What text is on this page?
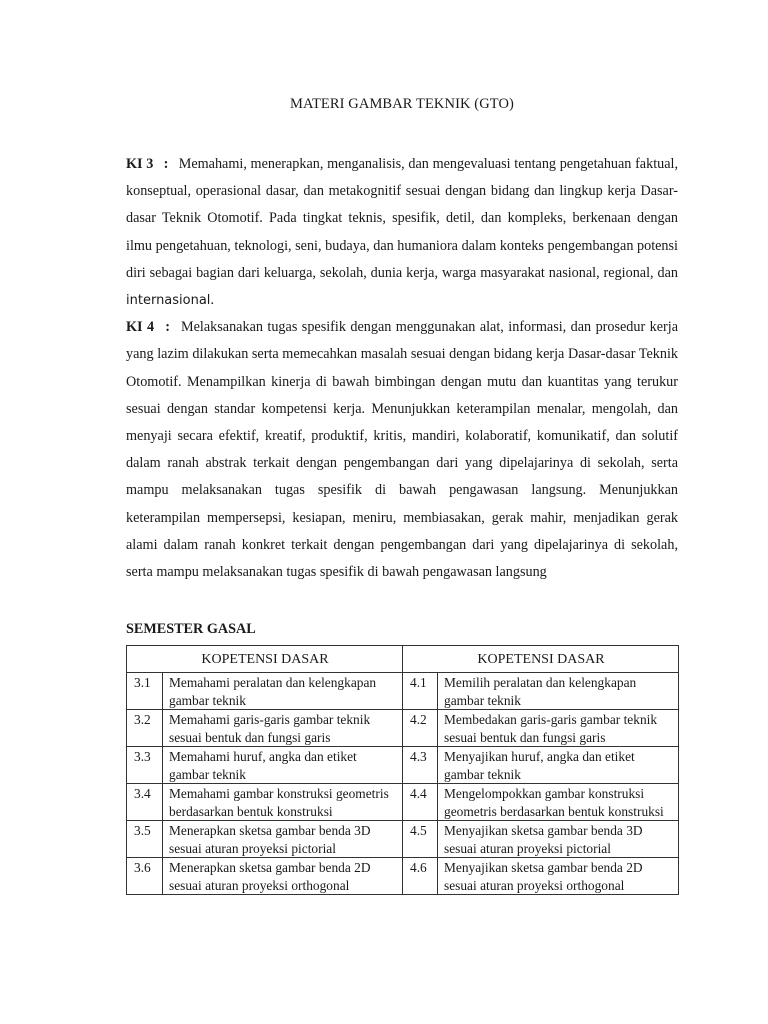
MATERI GAMBAR TEKNIK (GTO)

KI 3 : Memahami, menerapkan, menganalisis, dan mengevaluasi tentang pengetahuan faktual, konseptual, operasional dasar, dan metakognitif sesuai dengan bidang dan lingkup kerja Dasar-dasar Teknik Otomotif. Pada tingkat teknis, spesifik, detil, dan kompleks, berkenaan dengan ilmu pengetahuan, teknologi, seni, budaya, dan humaniora dalam konteks pengembangan potensi diri sebagai bagian dari keluarga, sekolah, dunia kerja, warga masyarakat nasional, regional, dan internasional.

KI 4 : Melaksanakan tugas spesifik dengan menggunakan alat, informasi, dan prosedur kerja yang lazim dilakukan serta memecahkan masalah sesuai dengan bidang kerja Dasar-dasar Teknik Otomotif. Menampilkan kinerja di bawah bimbingan dengan mutu dan kuantitas yang terukur sesuai dengan standar kompetensi kerja. Menunjukkan keterampilan menalar, mengolah, dan menyaji secara efektif, kreatif, produktif, kritis, mandiri, kolaboratif, komunikatif, dan solutif dalam ranah abstrak terkait dengan pengembangan dari yang dipelajarinya di sekolah, serta mampu melaksanakan tugas spesifik di bawah pengawasan langsung. Menunjukkan keterampilan mempersepsi, kesiapan, meniru, membiasakan, gerak mahir, menjadikan gerak alami dalam ranah konkret terkait dengan pengembangan dari yang dipelajarinya di sekolah, serta mampu melaksanakan tugas spesifik di bawah pengawasan langsung

SEMESTER GASAL
KOPETENSI DASAR		KOPETENSI DASAR	
3.1	Memahami peralatan dan kelengkapan gambar teknik	4.1	Memilih peralatan dan kelengkapan gambar teknik
3.2	Memahami garis-garis gambar teknik sesuai bentuk dan fungsi garis	4.2	Membedakan garis-garis gambar teknik sesuai bentuk dan fungsi garis
3.3	Memahami huruf, angka dan etiket gambar teknik	4.3	Menyajikan huruf, angka dan etiket gambar teknik
3.4	Memahami gambar konstruksi geometris berdasarkan bentuk konstruksi	4.4	Mengelompokkan gambar konstruksi geometris berdasarkan bentuk konstruksi
3.5	Menerapkan sketsa gambar benda 3D sesuai aturan proyeksi pictorial	4.5	Menyajikan sketsa gambar benda 3D sesuai aturan proyeksi pictorial
3.6	Menerapkan sketsa gambar benda 2D sesuai aturan proyeksi orthogonal	4.6	Menyajikan sketsa gambar benda 2D sesuai aturan proyeksi orthogonal
